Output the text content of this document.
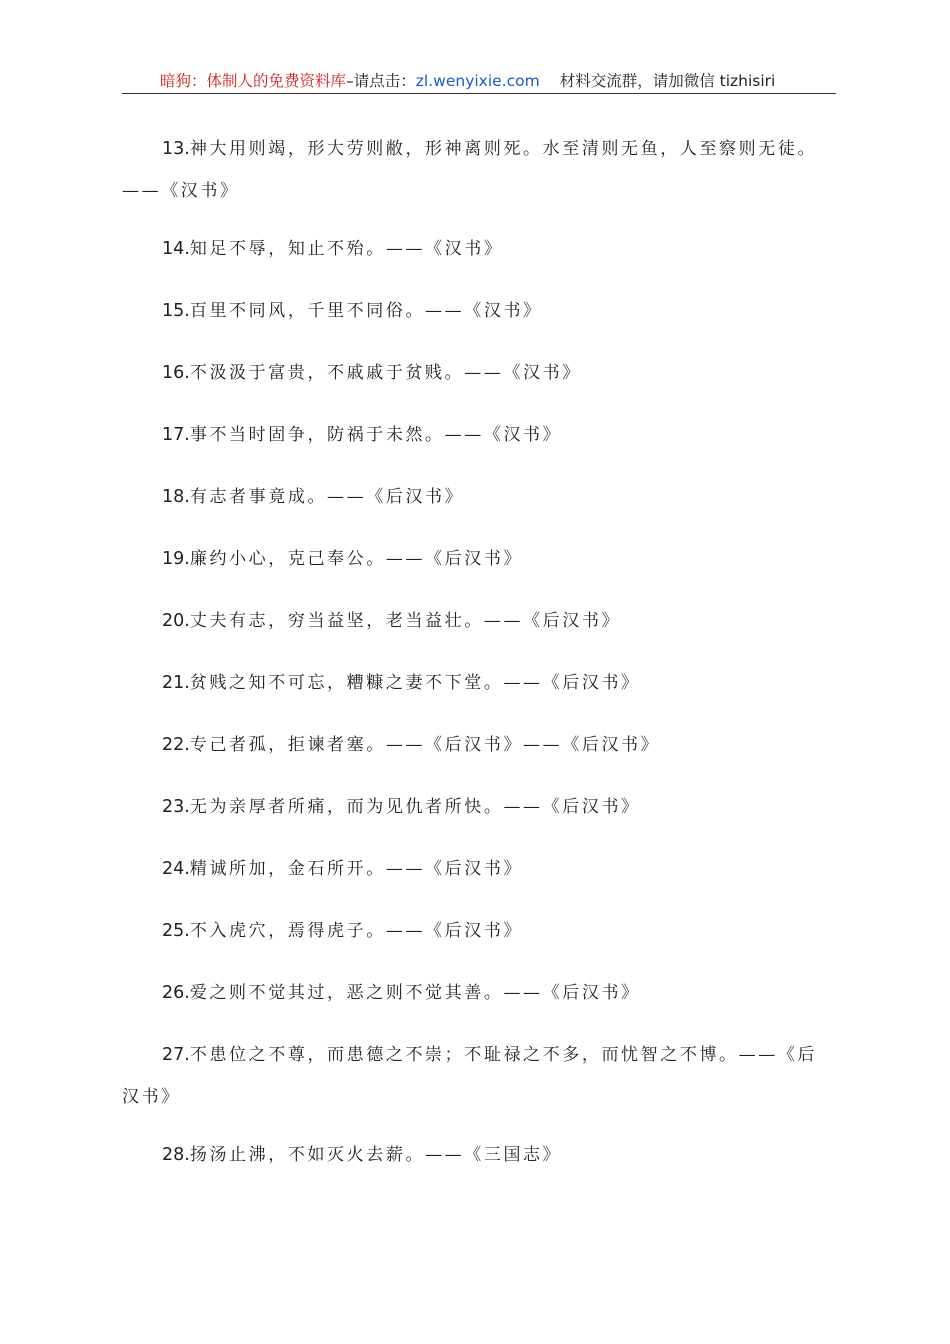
暗狗：体制人的免费资料库–请点击：zl.wenyixie.com 材料交流群，请加微信 tizhisiri
13.神大用则竭，形大劳则敝，形神离则死。水至清则无鱼，人至察则无徒。——《汉书》
14.知足不辱，知止不殆。——《汉书》
15.百里不同风，千里不同俗。——《汉书》
16.不汲汲于富贵，不戚戚于贫贱。——《汉书》
17.事不当时固争，防祸于未然。——《汉书》
18.有志者事竟成。——《后汉书》
19.廉约小心，克己奉公。——《后汉书》
20.丈夫有志，穷当益坚，老当益壮。——《后汉书》
21.贫贱之知不可忘，糟糠之妻不下堂。——《后汉书》
22.专己者孤，拒谏者塞。——《后汉书》——《后汉书》
23.无为亲厚者所痛，而为见仇者所快。——《后汉书》
24.精诚所加，金石所开。——《后汉书》
25.不入虎穴，焉得虎子。——《后汉书》
26.爱之则不觉其过，恶之则不觉其善。——《后汉书》
27.不患位之不尊，而患德之不崇；不耻禄之不多，而忧智之不博。——《后汉书》
28.扬汤止沸，不如灭火去薪。——《三国志》
